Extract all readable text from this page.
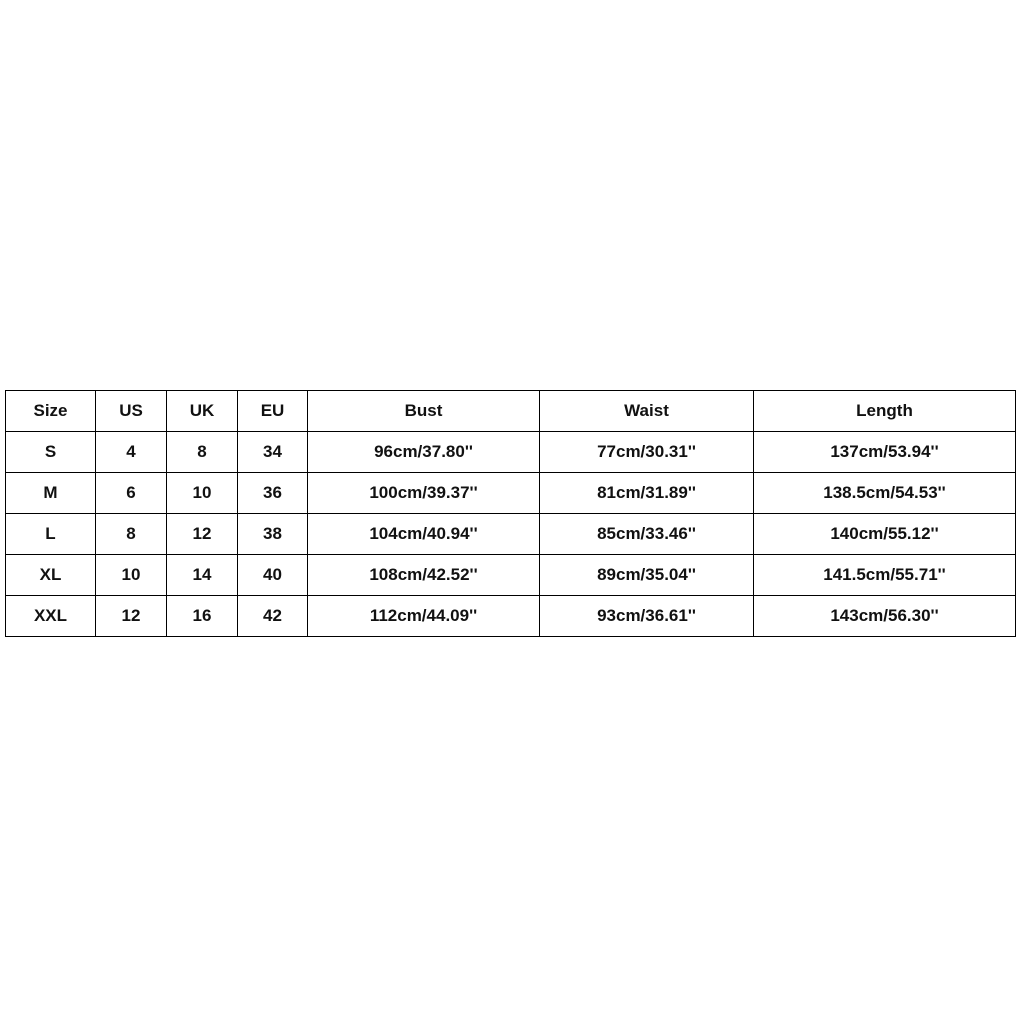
Size	US	UK	EU	Bust	Waist	Length
S	4	8	34	96cm/37.80''	77cm/30.31''	137cm/53.94''
M	6	10	36	100cm/39.37''	81cm/31.89''	138.5cm/54.53''
L	8	12	38	104cm/40.94''	85cm/33.46''	140cm/55.12''
XL	10	14	40	108cm/42.52''	89cm/35.04''	141.5cm/55.71''
XXL	12	16	42	112cm/44.09''	93cm/36.61''	143cm/56.30''
